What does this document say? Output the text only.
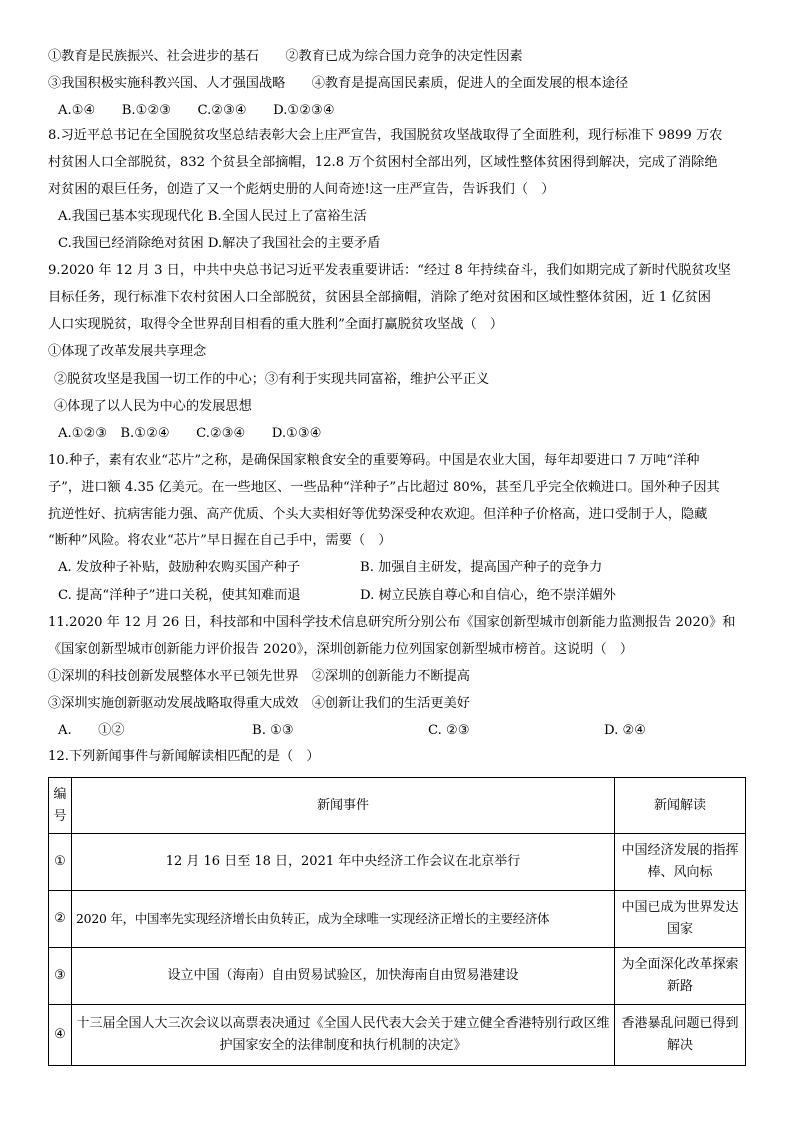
①教育是民族振兴、社会进步的基石　　②教育已成为综合国力竞争的决定性因素
③我国积极实施科教兴国、人才强国战略　　④教育是提高国民素质，促进人的全面发展的根本途径
A.①④　　B.①②③　　C.②③④　　D.①②③④
8.习近平总书记在全国脱贫攻坚总结表彰大会上庄严宣告，我国脱贫攻坚战取得了全面胜利，现行标准下 9899 万农
村贫困人口全部脱贫，832 个贫县全部摘帽，12.8 万个贫困村全部出列，区域性整体贫困得到解决，完成了消除绝
对贫困的艰巨任务，创造了又一个彪炳史册的人间奇迹!这一庄严宣告，告诉我们（　）
A.我国已基本实现现代化 B.全国人民过上了富裕生活
C.我国已经消除绝对贫困 D.解决了我国社会的主要矛盾
9.2020 年 12 月 3 日，中共中央总书记习近平发表重要讲话：“经过 8 年持续奋斗，我们如期完成了新时代脱贫攻坚
目标任务，现行标准下农村贫困人口全部脱贫，贫困县全部摘帽，消除了绝对贫困和区域性整体贫困，近 1 亿贫困
人口实现脱贫，取得令全世界刮目相看的重大胜利”全面打赢脱贫攻坚战（　）
①体现了改革发展共享理念
②脱贫攻坚是我国一切工作的中心；③有利于实现共同富裕，维护公平正义
④体现了以人民为中心的发展思想
A.①②③　B.①②④　　C.②③④　　D.①③④
10.种子，素有农业“芯片”之称，是确保国家粮食安全的重要筹码。中国是农业大国，每年却要进口 7 万吨“洋种
子”，进口额 4.35 亿美元。在一些地区、一些品种“洋种子”占比超过 80%，甚至几乎完全依赖进口。国外种子因其
抗逆性好、抗病害能力强、高产优质、个头大卖相好等优势深受种农欢迎。但洋种子价格高，进口受制于人，隐藏
“断种”风险。将农业“芯片”早日握在自己手中，需要（　）
A. 发放种子补贴，鼓励种农购买国产种子	B. 加强自主研发，提高国产种子的竞争力
C. 提高“洋种子”进口关税，使其知难而退	D. 树立民族自尊心和自信心，绝不崇洋媚外
11.2020 年 12 月 26 日，科技部和中国科学技术信息研究所分别公布《国家创新型城市创新能力监测报告 2020》和
《国家创新型城市创新能力评价报告 2020》，深圳创新能力位列国家创新型城市榜首。这说明（　）
①深圳的科技创新发展整体水平已领先世界　②深圳的创新能力不断提高
③深圳实施创新驱动发展战略取得重大成效　④创新让我们的生活更美好
A.　　①②	B. ①③	C. ②③	D. ②④
12.下列新闻事件与新闻解读相匹配的是（　）
编号	新闻事件	新闻解读
①	12 月 16 日至 18 日，2021 年中央经济工作会议在北京举行	中国经济发展的指挥棒、风向标
②	2020 年，中国率先实现经济增长由负转正，成为全球唯一实现经济正增长的主要经济体	中国已成为世界发达国家
③	设立中国（海南）自由贸易试验区，加快海南自由贸易港建设	为全面深化改革探索新路
④	十三届全国人大三次会议以高票表决通过《全国人民代表大会关于建立健全香港特别行政区维护国家安全的法律制度和执行机制的决定》	香港暴乱问题已得到解决
